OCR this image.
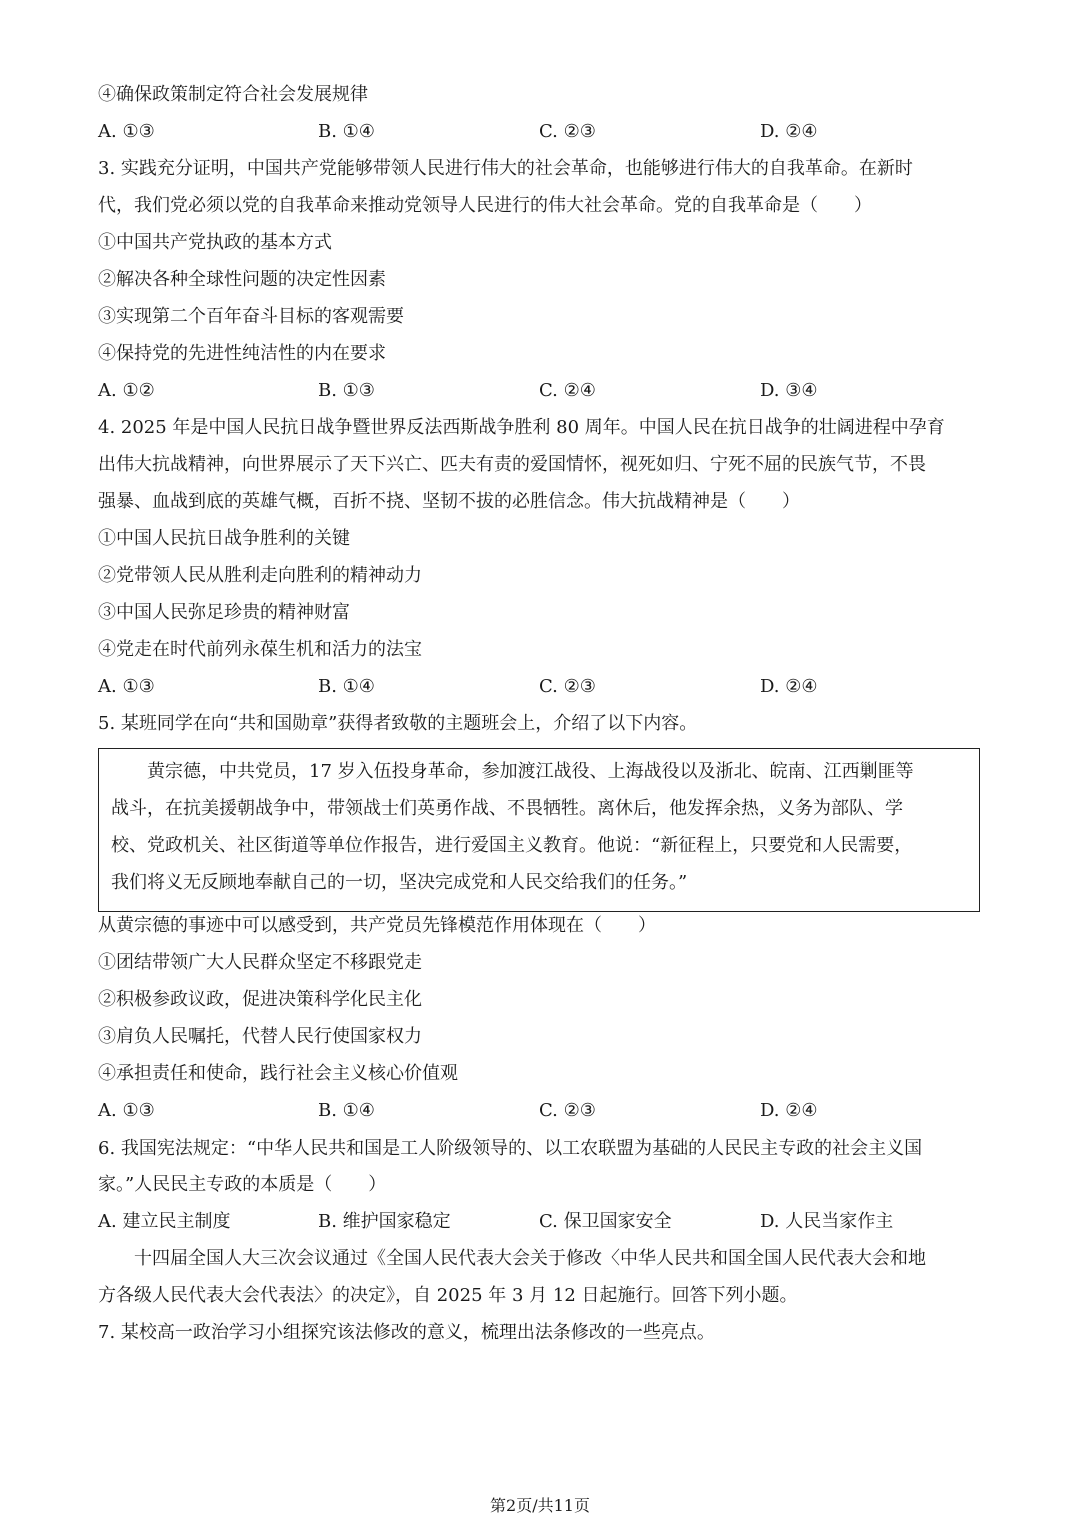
④确保政策制定符合社会发展规律
A. ①③	B. ①④	C. ②③	D. ②④
3. 实践充分证明，中国共产党能够带领人民进行伟大的社会革命，也能够进行伟大的自我革命。在新时
代，我们党必须以党的自我革命来推动党领导人民进行的伟大社会革命。党的自我革命是（　　）
①中国共产党执政的基本方式
②解决各种全球性问题的决定性因素
③实现第二个百年奋斗目标的客观需要
④保持党的先进性纯洁性的内在要求
A. ①②	B. ①③	C. ②④	D. ③④
4. 2025 年是中国人民抗日战争暨世界反法西斯战争胜利 80 周年。中国人民在抗日战争的壮阔进程中孕育
出伟大抗战精神，向世界展示了天下兴亡、匹夫有责的爱国情怀，视死如归、宁死不屈的民族气节，不畏
强暴、血战到底的英雄气概，百折不挠、坚韧不拔的必胜信念。伟大抗战精神是（　　）
①中国人民抗日战争胜利的关键
②党带领人民从胜利走向胜利的精神动力
③中国人民弥足珍贵的精神财富
④党走在时代前列永葆生机和活力的法宝
A. ①③	B. ①④	C. ②③	D. ②④
5. 某班同学在向“共和国勋章”获得者致敬的主题班会上，介绍了以下内容。
　　黄宗德，中共党员，17 岁入伍投身革命，参加渡江战役、上海战役以及浙北、皖南、江西剿匪等
战斗，在抗美援朝战争中，带领战士们英勇作战、不畏牺牲。离休后，他发挥余热，义务为部队、学
校、党政机关、社区街道等单位作报告，进行爱国主义教育。他说：“新征程上，只要党和人民需要，
我们将义无反顾地奉献自己的一切，坚决完成党和人民交给我们的任务。”
从黄宗德的事迹中可以感受到，共产党员先锋模范作用体现在（　　）
①团结带领广大人民群众坚定不移跟党走
②积极参政议政，促进决策科学化民主化
③肩负人民嘱托，代替人民行使国家权力
④承担责任和使命，践行社会主义核心价值观
A. ①③	B. ①④	C. ②③	D. ②④
6. 我国宪法规定：“中华人民共和国是工人阶级领导的、以工农联盟为基础的人民民主专政的社会主义国
家。”人民民主专政的本质是（　　）
A. 建立民主制度	B. 维护国家稳定	C. 保卫国家安全	D. 人民当家作主
　　十四届全国人大三次会议通过《全国人民代表大会关于修改〈中华人民共和国全国人民代表大会和地
方各级人民代表大会代表法〉的决定》，自 2025 年 3 月 12 日起施行。回答下列小题。
7. 某校高一政治学习小组探究该法修改的意义，梳理出法条修改的一些亮点。
第2页/共11页
